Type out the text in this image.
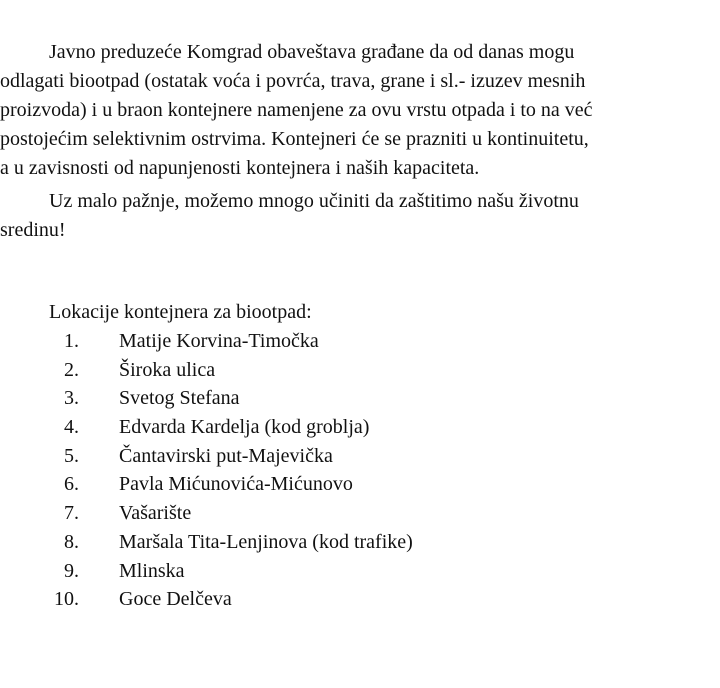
Javno preduzeće Komgrad obaveštava građane da od danas mogu
odlagati biootpad (ostatak voća i povrća, trava, grane i sl.- izuzev mesnih
proizvoda) i u braon kontejnere namenjene za ovu vrstu otpada i to na već
postojećim selektivnim ostrvima. Kontejneri će se prazniti u kontinuitetu,
a u zavisnosti od napunjenosti kontejnera i naših kapaciteta.
Uz malo pažnje, možemo mnogo učiniti da zaštitimo našu životnu
sredinu!
Lokacije kontejnera za biootpad:
1. Matije Korvina-Timočka
2. Široka ulica
3. Svetog Stefana
4. Edvarda Kardelja (kod groblja)
5. Čantavirski put-Majevička
6. Pavla Mićunovića-Mićunovo
7. Vašarište
8. Maršala Tita-Lenjinova (kod trafike)
9. Mlinska
10. Goce Delčeva
